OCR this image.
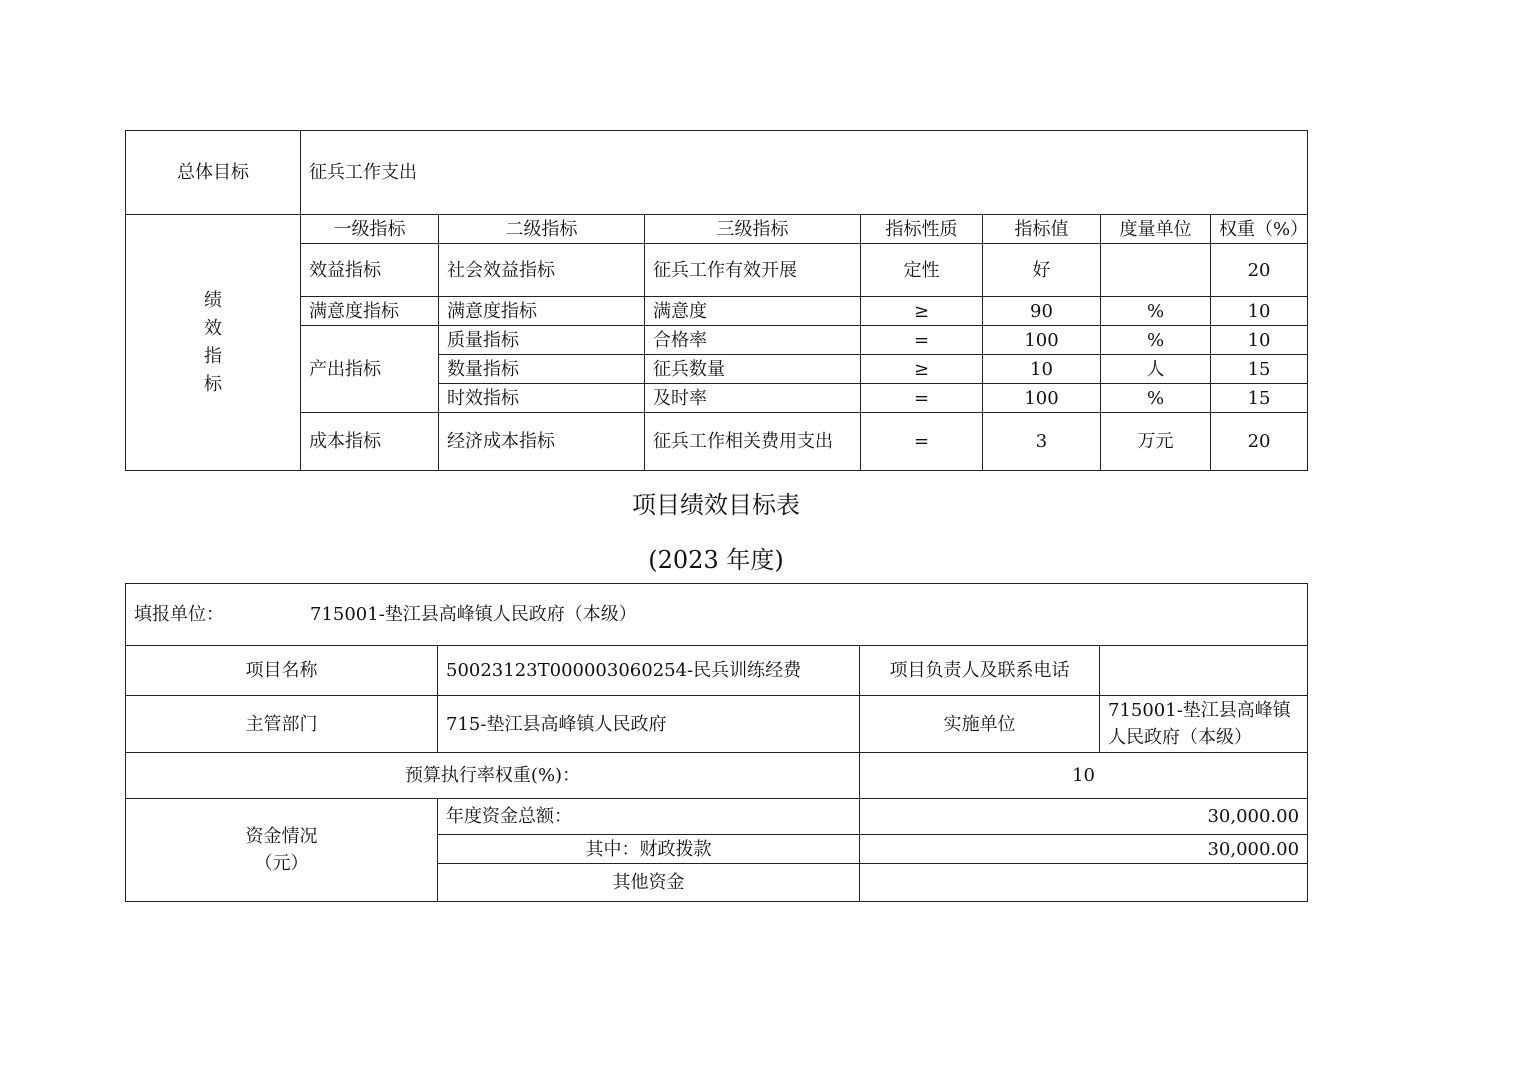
总体目标	征兵工作支出						

绩
效
指
标	一级指标	二级指标	三级指标	指标性质	指标值	度量单位	权重（%）
	效益指标	社会效益指标	征兵工作有效开展	定性	好		20
	满意度指标	满意度指标	满意度	≥	90	%	10
	产出指标	质量指标	合格率	=	100	%	10
		数量指标	征兵数量	≥	10	人	15
		时效指标	及时率	=	100	%	15
	成本指标	经济成本指标	征兵工作相关费用支出	=	3	万元	20
项目绩效目标表
(2023 年度)
填报单位： 715001-垫江县高峰镇人民政府（本级）			
项目名称	50023123T000003060254-民兵训练经费	项目负责人及联系电话	
主管部门	715-垫江县高峰镇人民政府	实施单位	715001-垫江县高峰镇人民政府（本级）
预算执行率权重(%)：		10	

资金情况
（元）	年度资金总额：	30,000.00	
	其中：财政拨款	30,000.00	
	其他资金		
